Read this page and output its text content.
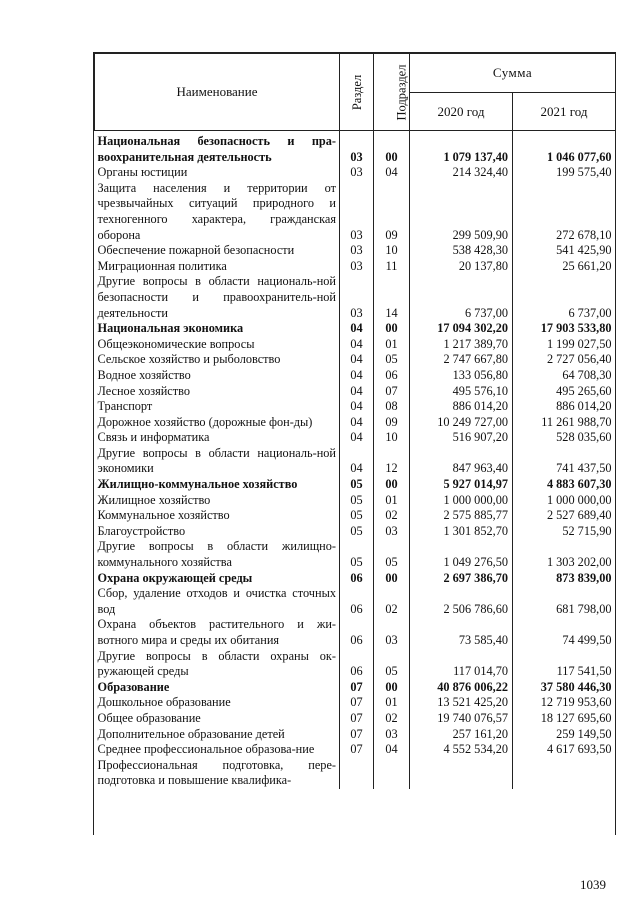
Наименование	Раздел	Подраздел	Сумма	
			2020 год	2021 год
Национальная безопасность и пра-воохранительная деятельность	03	00	1 079 137,40	1 046 077,60
Органы юстиции	03	04	214 324,40	199 575,40
Защита населения и территории от чрезвычайных ситуаций природного и техногенного характера, гражданская оборона	03	09	299 509,90	272 678,10
Обеспечение пожарной безопасности	03	10	538 428,30	541 425,90
Миграционная политика	03	11	20 137,80	25 661,20
Другие вопросы в области националь-ной безопасности и правоохранитель-ной деятельности	03	14	6 737,00	6 737,00
Национальная экономика	04	00	17 094 302,20	17 903 533,80
Общеэкономические вопросы	04	01	1 217 389,70	1 199 027,50
Сельское хозяйство и рыболовство	04	05	2 747 667,80	2 727 056,40
Водное хозяйство	04	06	133 056,80	64 708,30
Лесное хозяйство	04	07	495 576,10	495 265,60
Транспорт	04	08	886 014,20	886 014,20
Дорожное хозяйство (дорожные фон-ды)	04	09	10 249 727,00	11 261 988,70
Связь и информатика	04	10	516 907,20	528 035,60
Другие вопросы в области националь-ной экономики	04	12	847 963,40	741 437,50
Жилищно-коммунальное хозяйство	05	00	5 927 014,97	4 883 607,30
Жилищное хозяйство	05	01	1 000 000,00	1 000 000,00
Коммунальное хозяйство	05	02	2 575 885,77	2 527 689,40
Благоустройство	05	03	1 301 852,70	52 715,90
Другие вопросы в области жилищно-коммунального хозяйства	05	05	1 049 276,50	1 303 202,00
Охрана окружающей среды	06	00	2 697 386,70	873 839,00
Сбор, удаление отходов и очистка сточных вод	06	02	2 506 786,60	681 798,00
Охрана объектов растительного и жи-вотного мира и среды их обитания	06	03	73 585,40	74 499,50
Другие вопросы в области охраны ок-ружающей среды	06	05	117 014,70	117 541,50
Образование	07	00	40 876 006,22	37 580 446,30
Дошкольное образование	07	01	13 521 425,20	12 719 953,60
Общее образование	07	02	19 740 076,57	18 127 695,60
Дополнительное образование детей	07	03	257 161,20	259 149,50
Среднее профессиональное образова-ние	07	04	4 552 534,20	4 617 693,50
Профессиональная подготовка, пере-подготовка и повышение квалифика-				
1039
